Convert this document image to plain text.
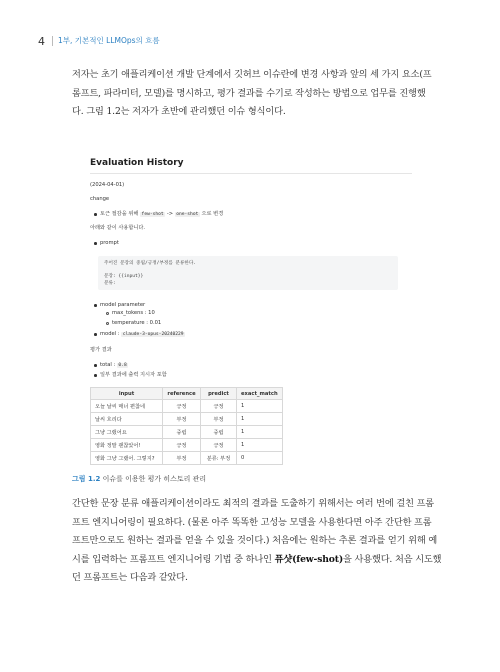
4 1부, 기본적인 LLMOps의 흐름
저자는 초기 애플리케이션 개발 단계에서 깃허브 이슈란에 변경 사항과 앞의 세 가지 요소(프
롬프트, 파라미터, 모델)를 명시하고, 평가 결과를 수기로 작성하는 방법으로 업무를 진행했
다. 그림 1.2는 저자가 초반에 관리했던 이슈 형식이다.
Evaluation History
(2024-04-01)
change
토근 절감을 위해 few-shot -> one-shot 으로 변경
아래와 같이 사용합니다.
prompt
주어진 문장의 중립/긍정/부정를 분류한다.
문장: {{input}}
분류:
model parameter
max_tokens : 10
temperature : 0.01
model : claude-3-opus-20240229
평가 결과
total : 0.8
일부 결과에 출력 지시자 포함
input	reference	predict	exact_match
오늘 날씨 매너 편찮네	긍정	긍정	1
날씨 흐리다	부정	부정	1
그냥 그랬어요	중립	중립	1
영화 정말 괜찮았어!	긍정	긍정	1
영화 그냥 그랬어. 그렇지?	부정	분류: 부정	0
그림 1.2 이슈를 이용한 평가 히스토리 관리
간단한 문장 분류 애플리케이션이라도 최적의 결과를 도출하기 위해서는 여러 번에 걸친 프롬
프트 엔지니어링이 필요하다. (물론 아주 똑똑한 고성능 모델을 사용한다면 아주 간단한 프롬
프트만으로도 원하는 결과를 얻을 수 있을 것이다.) 처음에는 원하는 추론 결과를 얻기 위해 예
시를 입력하는 프롬프트 엔지니어링 기법 중 하나인 퓨샷(few-shot)을 사용했다. 처음 시도했
던 프롬프트는 다음과 같았다.
